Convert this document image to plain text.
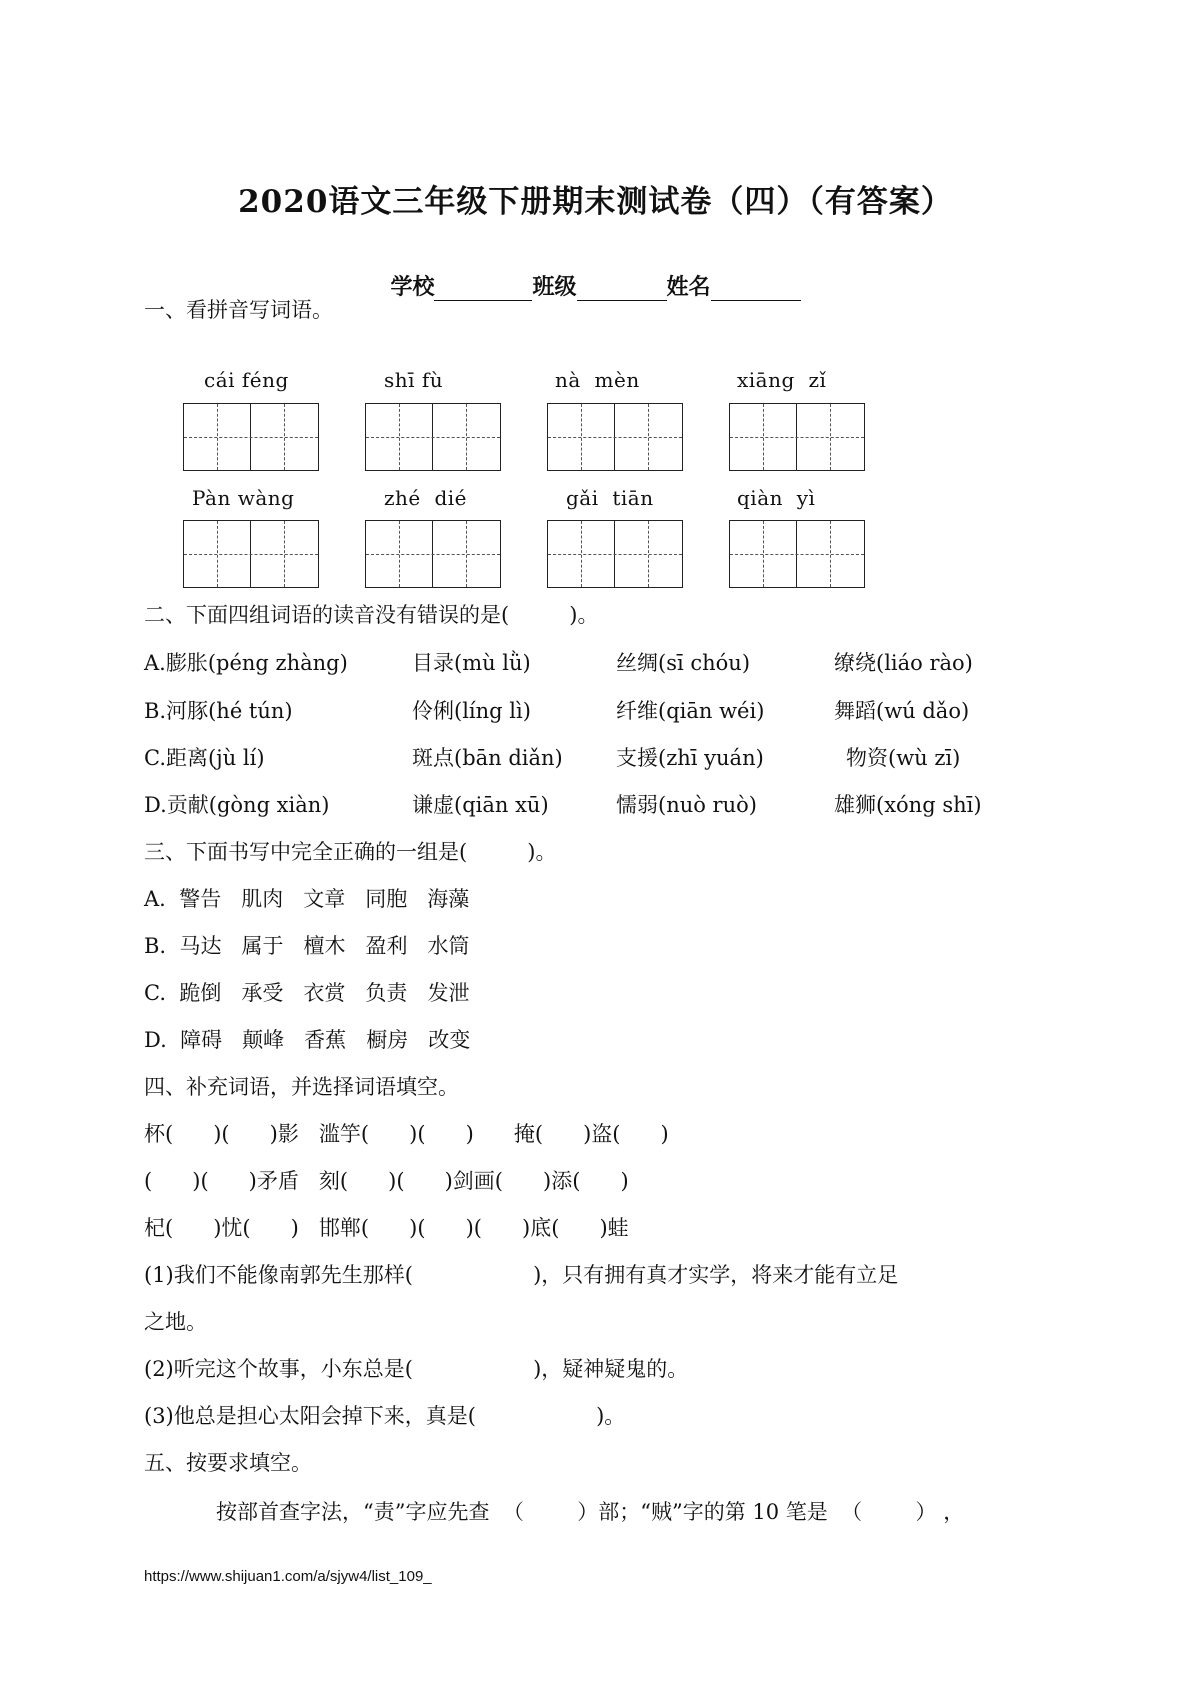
2020语文三年级下册期末测试卷（四）（有答案）
学校	班级	姓名
一、看拼音写词语。
cái féng	shī fù	nà  mèn	xiāng  zǐ
Pàn wàng	zhé  dié	gǎi  tiān	qiàn  yì
二、下面四组词语的读音没有错误的是(         )。
A.膨胀(péng zhàng)	目录(mù lǜ)	丝绸(sī chóu)	缭绕(liáo rào)
B.河豚(hé tún)	伶俐(líng lì)	纤维(qiān wéi)	舞蹈(wú dǎo)
C.距离(jù lí)	斑点(bān diǎn)	支援(zhī yuán)	物资(wù zī)
D.贡献(gòng xiàn)	谦虚(qiān xū)	懦弱(nuò ruò)	雄狮(xóng shī)
三、下面书写中完全正确的一组是(         )。
A.  警告   肌肉   文章   同胞   海藻
B.  马达   属于   檀木   盈利   水筒
C.  跪倒   承受   衣赏   负责   发泄
D.  障碍   颠峰   香蕉   橱房   改变
四、补充词语，并选择词语填空。
杯(      )(      )影   滥竽(      )(      )      掩(      )盗(      )
(      )(      )矛盾   刻(      )(      )剑画(      )添(      )
杞(      )忧(      )   邯郸(      )(      )(      )底(      )蛙
(1)我们不能像南郭先生那样(                  )，只有拥有真才实学，将来才能有立足
之地。
(2)听完这个故事，小东总是(                  )，疑神疑鬼的。
(3)他总是担心太阳会掉下来，真是(                  )。
五、按要求填空。
按部首查字法，“责”字应先查  （        ）部；“贼”字的第 10 笔是  （        ） ，
https://www.shijuan1.com/a/sjyw4/list_109_
